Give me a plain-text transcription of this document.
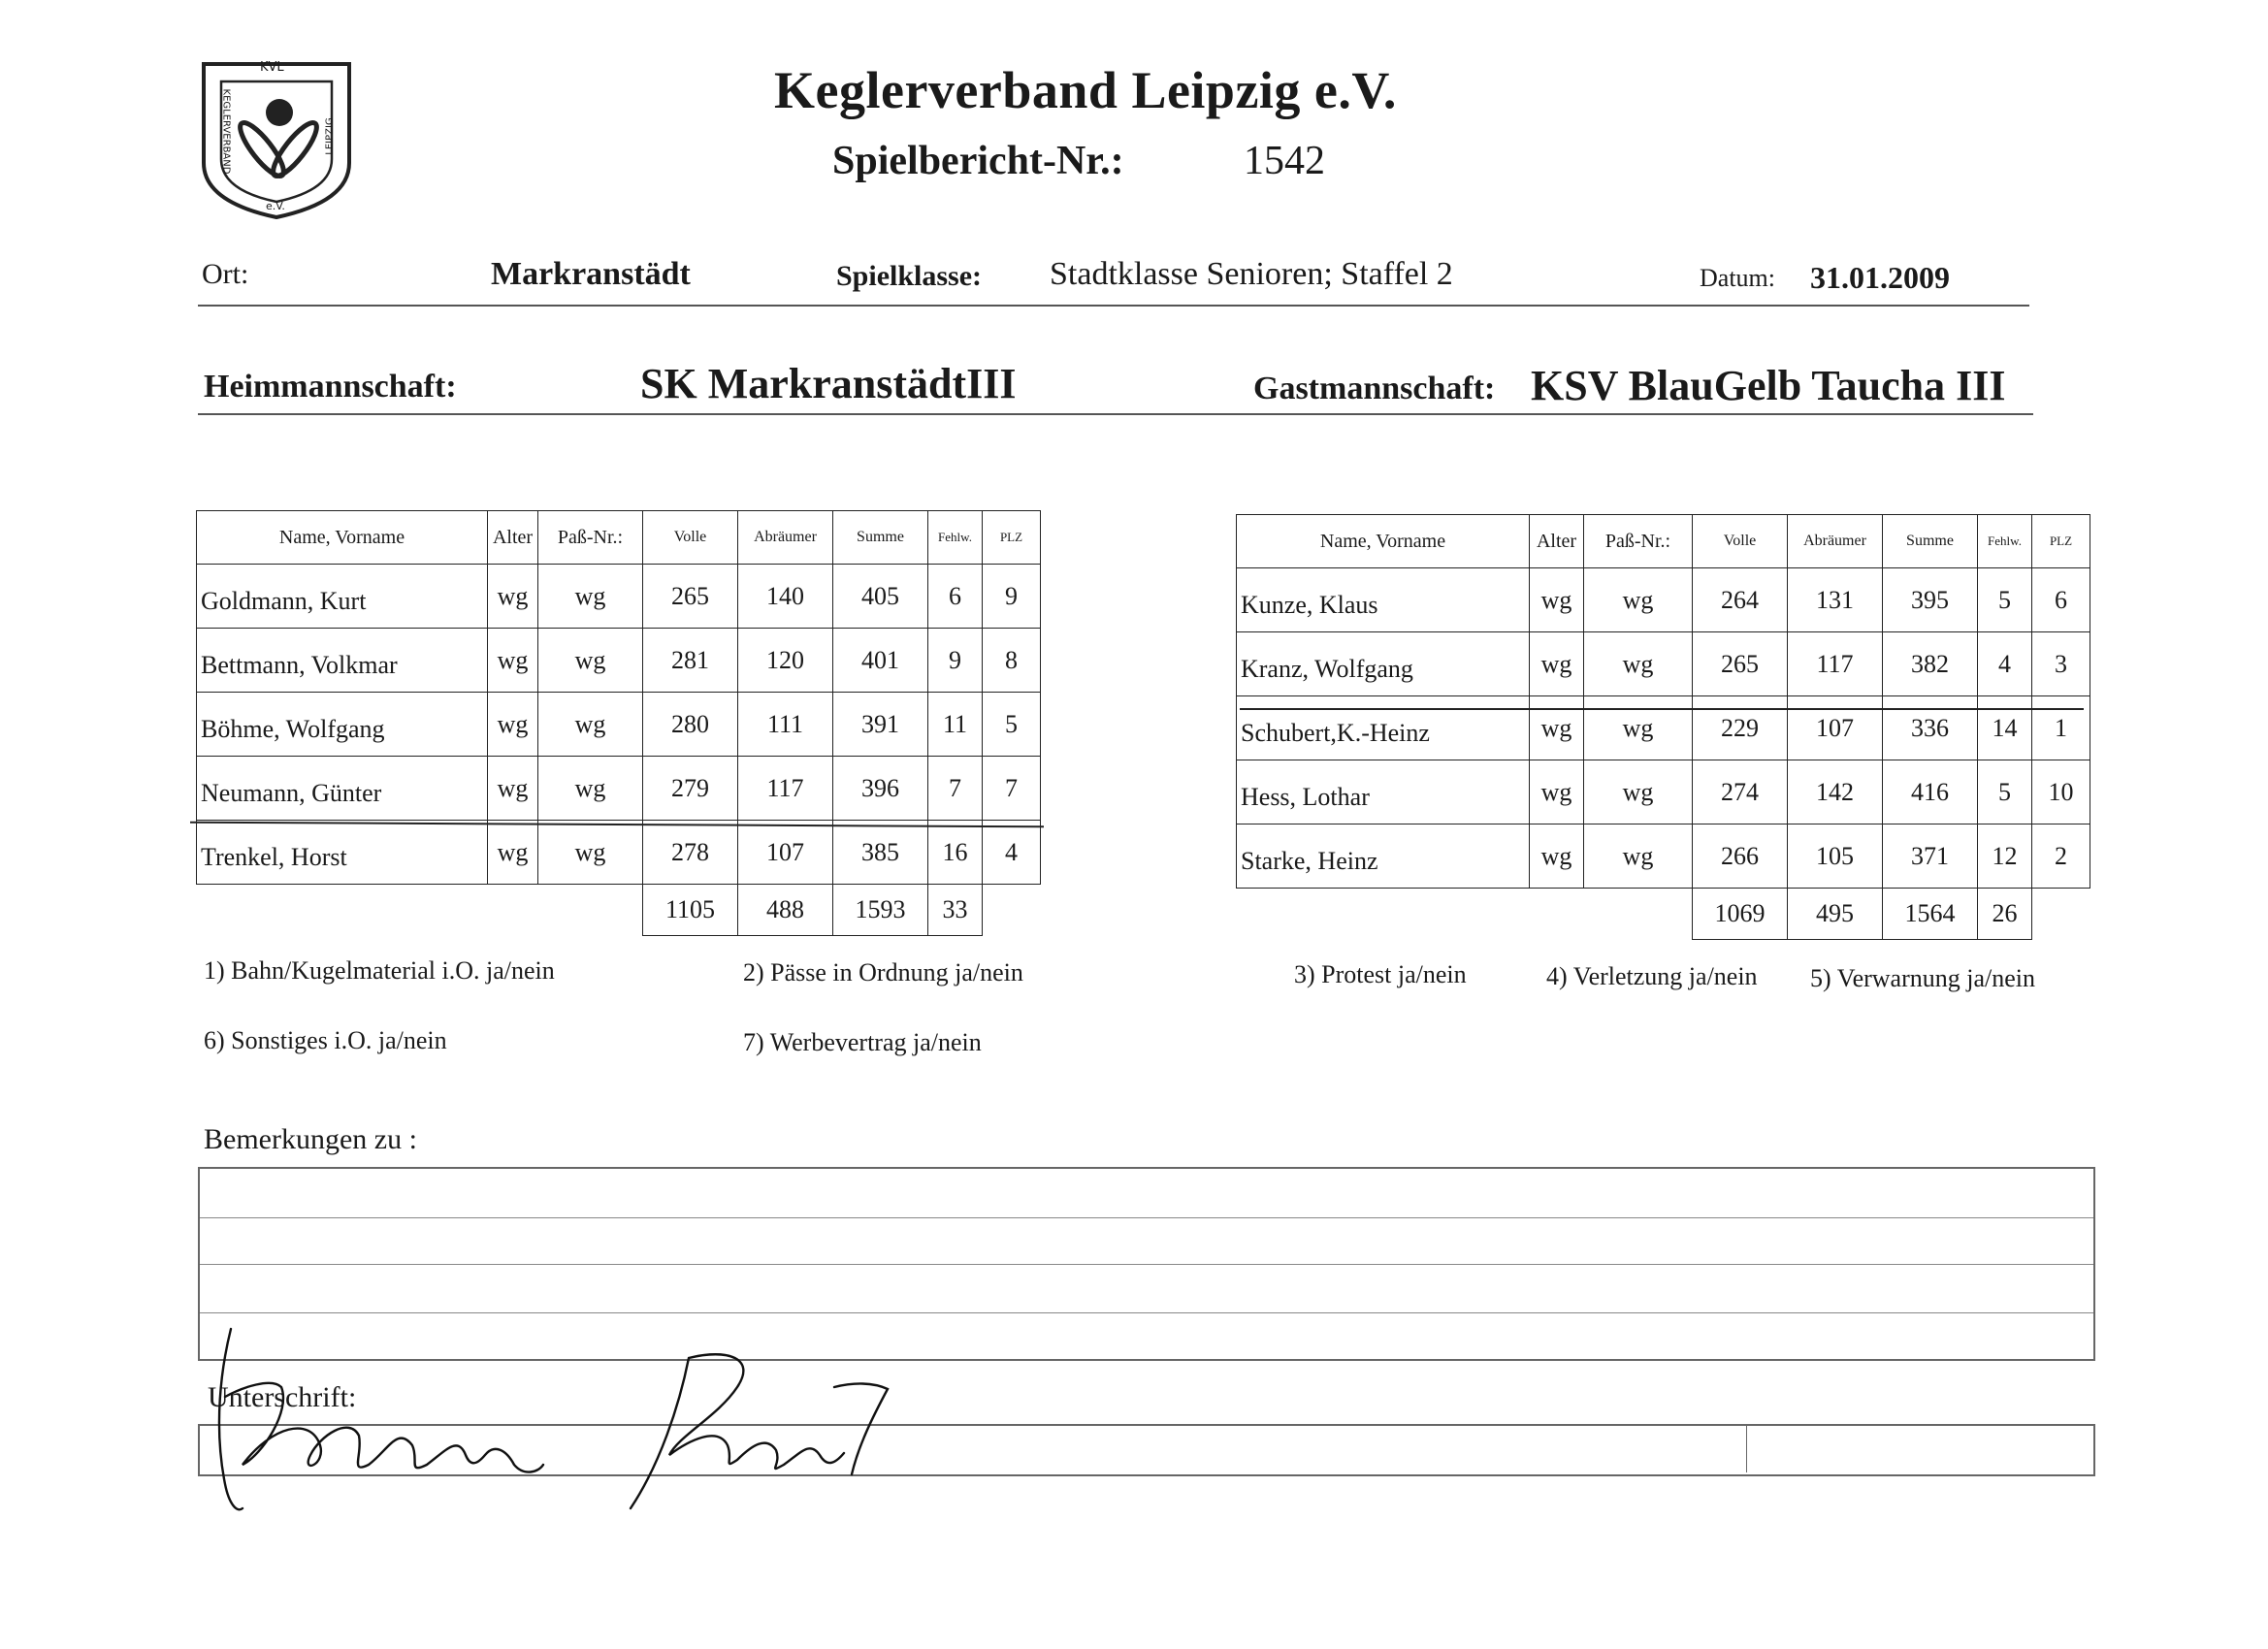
KVL
KEGLERVERBAND	LEIPZIG
e.V.
Keglerverband Leipzig e.V.
Spielbericht-Nr.:	1542
Ort:	Markranstädt	Spielklasse: Stadtklasse Senioren; Staffel 2	Datum: 31.01.2009
Heimmannschaft:	SK MarkranstädtIII	Gastmannschaft: KSV BlauGelb Taucha III
Name, Vorname	Alter	Paß-Nr.:	Volle	Abräumer	Summe	Fehlw.	PLZ
Goldmann, Kurt	wg	wg	265	140	405	6	9
Bettmann, Volkmar	wg	wg	281	120	401	9	8
Böhme, Wolfgang	wg	wg	280	111	391	11	5
Neumann, Günter	wg	wg	279	117	396	7	7
Trenkel, Horst	wg	wg	278	107	385	16	4
			1105	488	1593	33	
Name, Vorname	Alter	Paß-Nr.:	Volle	Abräumer	Summe	Fehlw.	PLZ
Kunze, Klaus	wg	wg	264	131	395	5	6
Kranz, Wolfgang	wg	wg	265	117	382	4	3
Schubert,K.-Heinz	wg	wg	229	107	336	14	1
Hess, Lothar	wg	wg	274	142	416	5	10
Starke, Heinz	wg	wg	266	105	371	12	2
			1069	495	1564	26	
1) Bahn/Kugelmaterial i.O. ja/nein	2) Pässe in Ordnung ja/nein	3) Protest ja/nein	4) Verletzung ja/nein 5) Verwarnung ja/nein
6) Sonstiges i.O. ja/nein	7) Werbevertrag ja/nein
Bemerkungen zu :
Unterschrift:
